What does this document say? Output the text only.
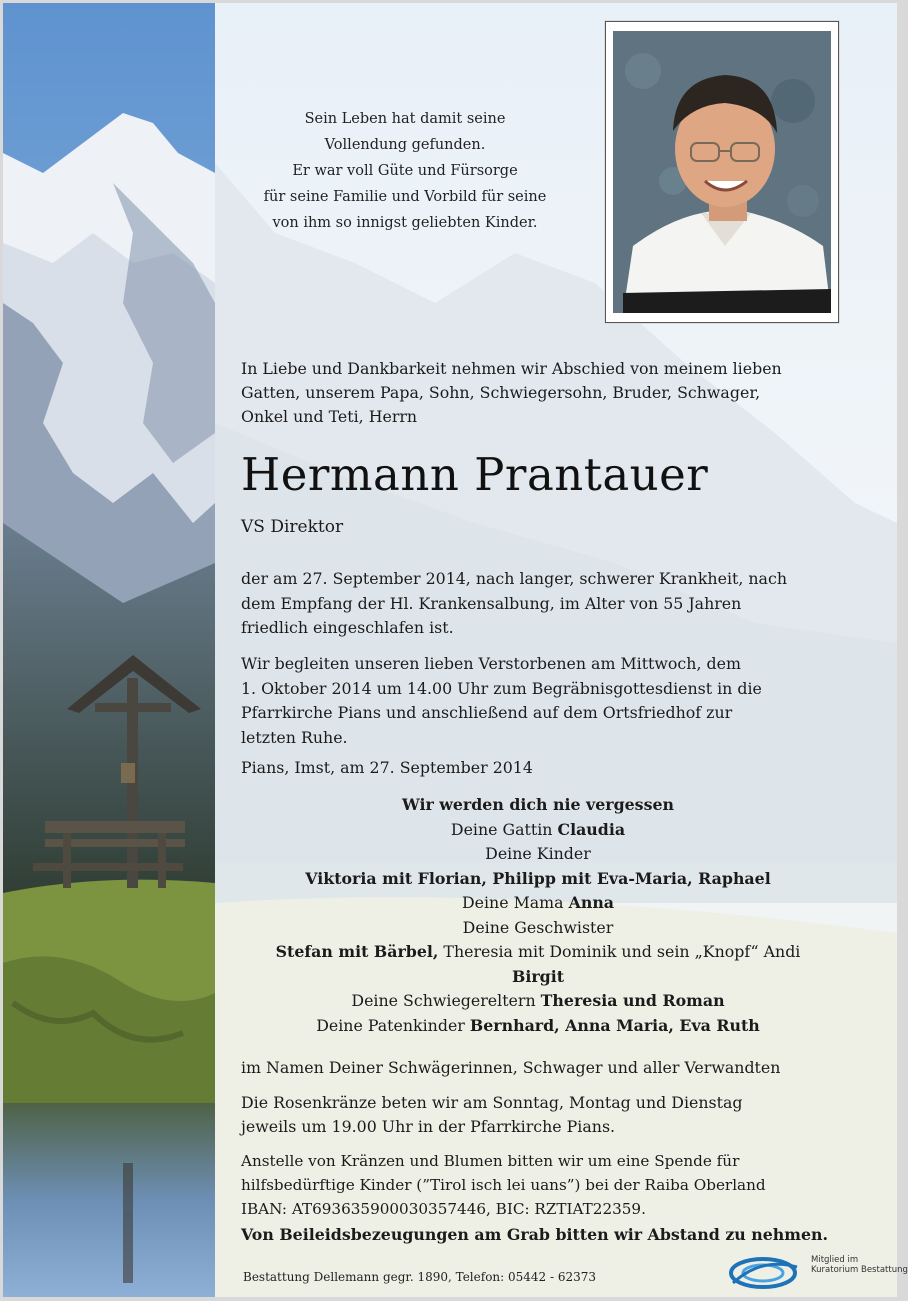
Sein Leben hat damit seine
Vollendung gefunden.
Er war voll Güte und Fürsorge
für seine Familie und Vorbild für seine
von ihm so innigst geliebten Kinder.
In Liebe und Dankbarkeit nehmen wir Abschied von meinem lieben
Gatten, unserem Papa, Sohn, Schwiegersohn, Bruder, Schwager,
Onkel und Teti, Herrn
Hermann Prantauer
VS Direktor
der am 27. September 2014, nach langer, schwerer Krankheit, nach
dem Empfang der Hl. Krankensalbung, im Alter von 55 Jahren
friedlich eingeschlafen ist.
Wir begleiten unseren lieben Verstorbenen am Mittwoch, dem
1. Oktober 2014 um 14.00 Uhr zum Begräbnisgottesdienst in die
Pfarrkirche Pians und anschließend auf dem Ortsfriedhof zur
letzten Ruhe.
Pians, Imst, am 27. September 2014
Wir werden dich nie vergessen
Deine Gattin Claudia
Deine Kinder
Viktoria mit Florian, Philipp mit Eva-Maria, Raphael
Deine Mama Anna
Deine Geschwister
Stefan mit Bärbel, Theresia mit Dominik und sein „Knopf“ Andi
Birgit
Deine Schwiegereltern Theresia und Roman
Deine Patenkinder Bernhard, Anna Maria, Eva Ruth
im Namen Deiner Schwägerinnen, Schwager und aller Verwandten
Die Rosenkränze beten wir am Sonntag, Montag und Dienstag
jeweils um 19.00 Uhr in der Pfarrkirche Pians.
Anstelle von Kränzen und Blumen bitten wir um eine Spende für
hilfsbedürftige Kinder (”Tirol isch lei uans”) bei der Raiba Oberland
IBAN: AT693635900030357446, BIC: RZTIAT22359.
Von Beileidsbezeugungen am Grab bitten wir Abstand zu nehmen.
Bestattung Dellemann gegr. 1890, Telefon: 05442 - 62373
Mitglied im
Kuratorium Bestattung
